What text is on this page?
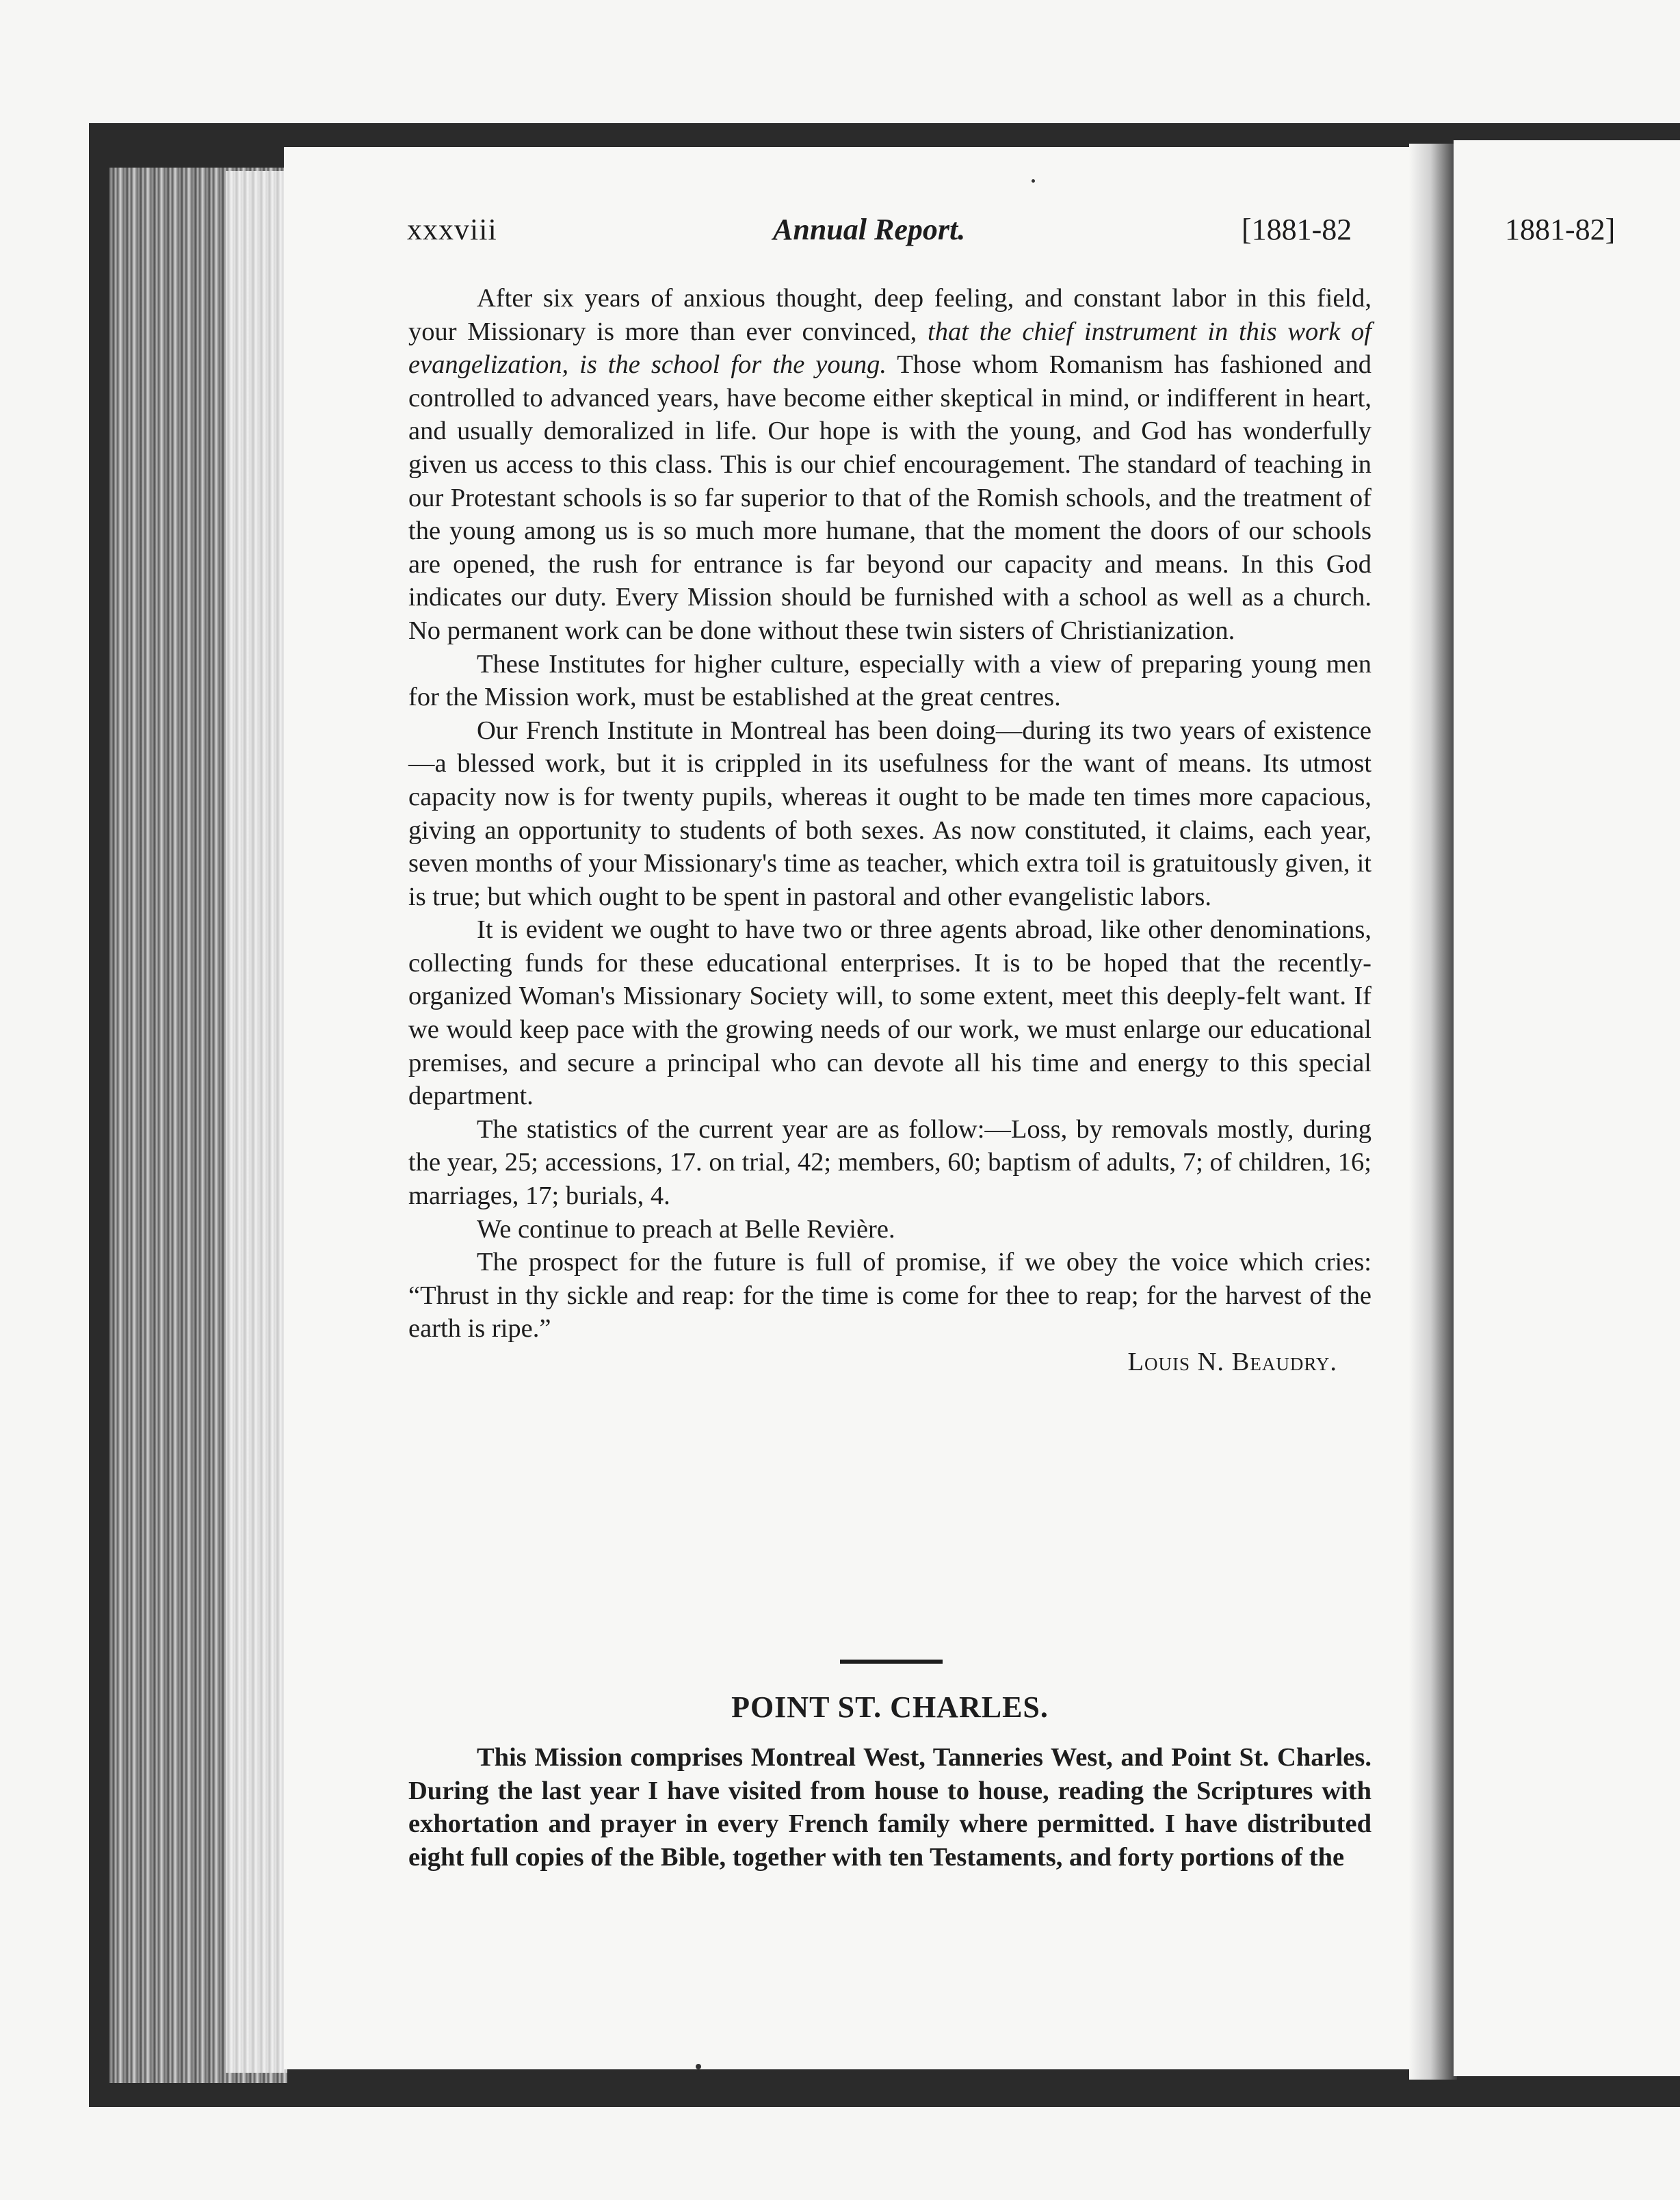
xxxviii	Annual Report.	[1881-82

After six years of anxious thought, deep feeling, and constant labor in this field, your Missionary is more than ever convinced, that the chief instrument in this work of evangelization, is the school for the young. Those whom Romanism has fashioned and controlled to advanced years, have become either skeptical in mind, or indifferent in heart, and usually demoralized in life. Our hope is with the young, and God has wonderfully given us access to this class. This is our chief encouragement. The standard of teaching in our Protestant schools is so far superior to that of the Romish schools, and the treatment of the young among us is so much more humane, that the moment the doors of our schools are opened, the rush for entrance is far beyond our capacity and means. In this God indicates our duty. Every Mission should be furnished with a school as well as a church. No permanent work can be done without these twin sisters of Christianization.

These Institutes for higher culture, especially with a view of preparing young men for the Mission work, must be established at the great centres.

Our French Institute in Montreal has been doing—during its two years of existence—a blessed work, but it is crippled in its usefulness for the want of means. Its utmost capacity now is for twenty pupils, whereas it ought to be made ten times more capacious, giving an opportunity to students of both sexes. As now constituted, it claims, each year, seven months of your Missionary's time as teacher, which extra toil is gratuitously given, it is true; but which ought to be spent in pastoral and other evangelistic labors.

It is evident we ought to have two or three agents abroad, like other denominations, collecting funds for these educational enterprises. It is to be hoped that the recently-organized Woman's Missionary Society will, to some extent, meet this deeply-felt want. If we would keep pace with the growing needs of our work, we must enlarge our educational premises, and secure a principal who can devote all his time and energy to this special department.

The statistics of the current year are as follow:—Loss, by removals mostly, during the year, 25; accessions, 17. on trial, 42; members, 60; baptism of adults, 7; of children, 16; marriages, 17; burials, 4.

We continue to preach at Belle Revière.

The prospect for the future is full of promise, if we obey the voice which cries: “Thrust in thy sickle and reap: for the time is come for thee to reap; for the harvest of the earth is ripe.”

Louis N. Beaudry.
POINT ST. CHARLES.

This Mission comprises Montreal West, Tanneries West, and Point St. Charles. During the last year I have visited from house to house, reading the Scriptures with exhortation and prayer in every French family where permitted. I have distributed eight full copies of the Bible, together with ten Testaments, and forty portions of the

1881-82]
